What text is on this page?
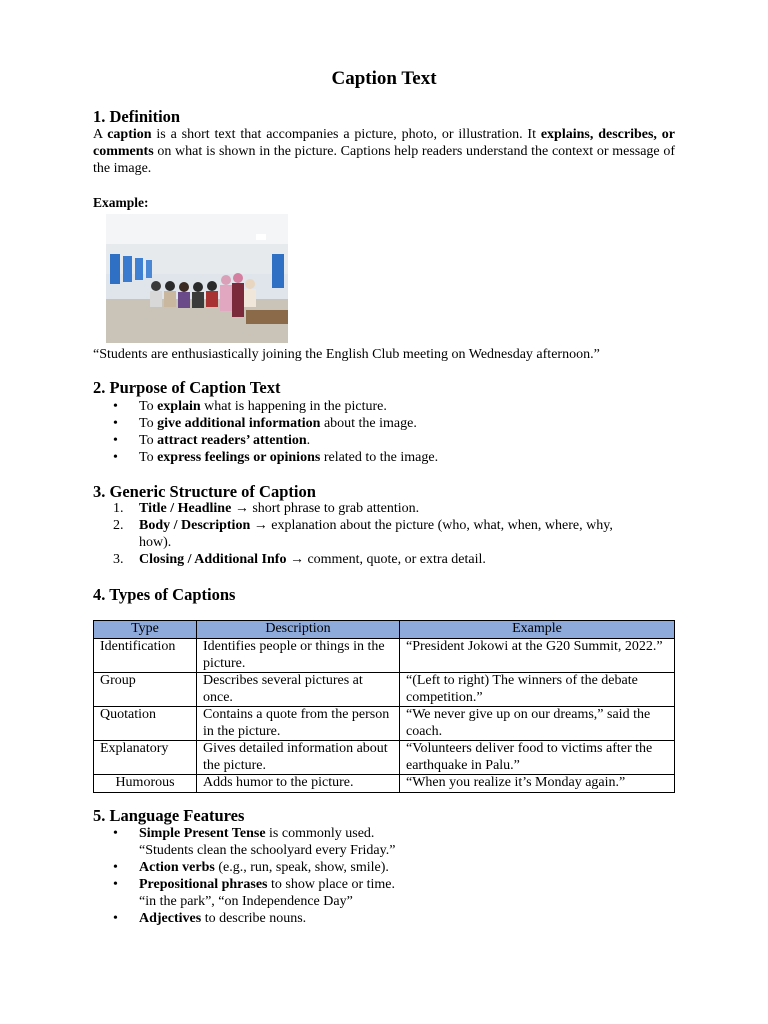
Caption Text
1. Definition
A caption is a short text that accompanies a picture, photo, or illustration. It explains, describes, or comments on what is shown in the picture. Captions help readers understand the context or message of the image.
Example:
“Students are enthusiastically joining the English Club meeting on Wednesday afternoon.”
2. Purpose of Caption Text
•	To explain what is happening in the picture.
•	To give additional information about the image.
•	To attract readers’ attention.
•	To express feelings or opinions related to the image.
3. Generic Structure of Caption
1.	Title / Headline → short phrase to grab attention.
2.	Body / Description → explanation about the picture (who, what, when, where, why, how).
3.	Closing / Additional Info → comment, quote, or extra detail.
4. Types of Captions
Type	Description	Example
Identification	Identifies people or things in the picture.	“President Jokowi at the G20 Summit, 2022.”
Group	Describes several pictures at once.	“(Left to right) The winners of the debate competition.”
Quotation	Contains a quote from the person in the picture.	“We never give up on our dreams,” said the coach.
Explanatory	Gives detailed information about the picture.	“Volunteers deliver food to victims after the earthquake in Palu.”
Humorous	Adds humor to the picture.	“When you realize it’s Monday again.”
5. Language Features
•	Simple Present Tense is commonly used. “Students clean the schoolyard every Friday.”
•	Action verbs (e.g., run, speak, show, smile).
•	Prepositional phrases to show place or time. “in the park”, “on Independence Day”
•	Adjectives to describe nouns.
